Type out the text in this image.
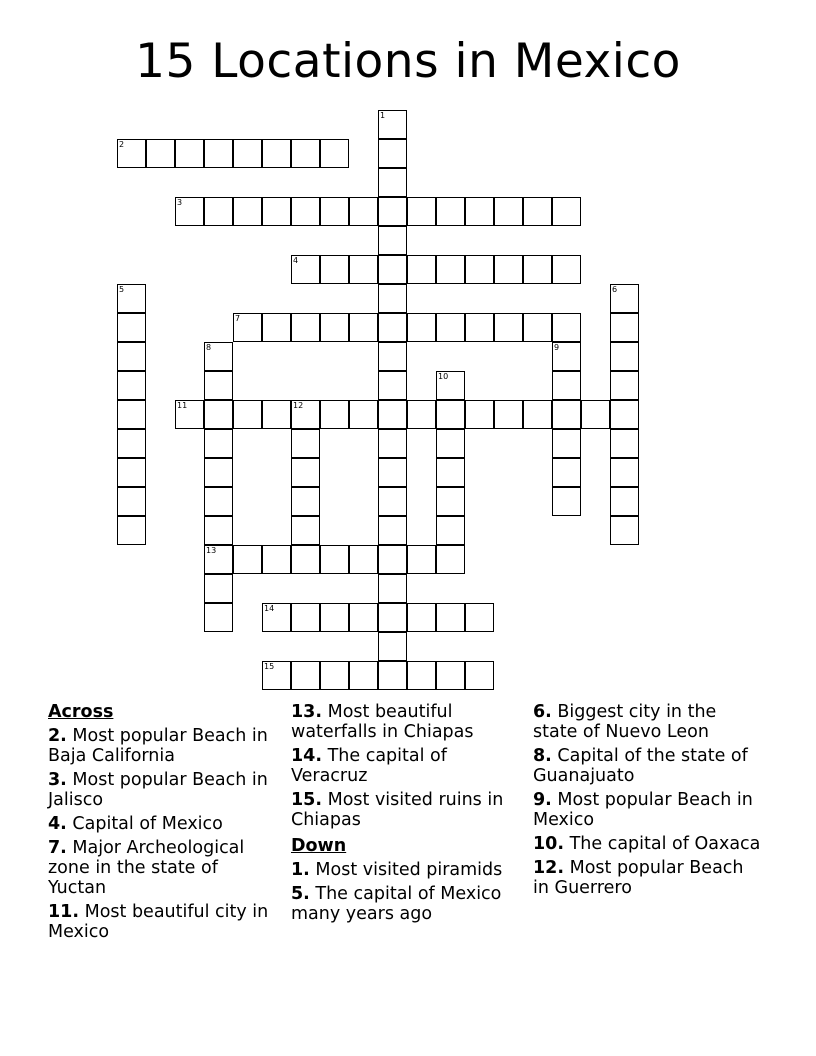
15 Locations in Mexico
2
3
4
7
11	12
13
14
15
1
5	6
8	9
10
Across
2. Most popular Beach in Baja California
3. Most popular Beach in Jalisco
4. Capital of Mexico
7. Major Archeological zone in the state of Yuctan
11. Most beautiful city in Mexico
13. Most beautiful waterfalls in Chiapas
14. The capital of Veracruz
15. Most visited ruins in Chiapas
Down
1. Most visited piramids
5. The capital of Mexico many years ago
6. Biggest city in the state of Nuevo Leon
8. Capital of the state of Guanajuato
9. Most popular Beach in Mexico
10. The capital of Oaxaca
12. Most popular Beach in Guerrero
